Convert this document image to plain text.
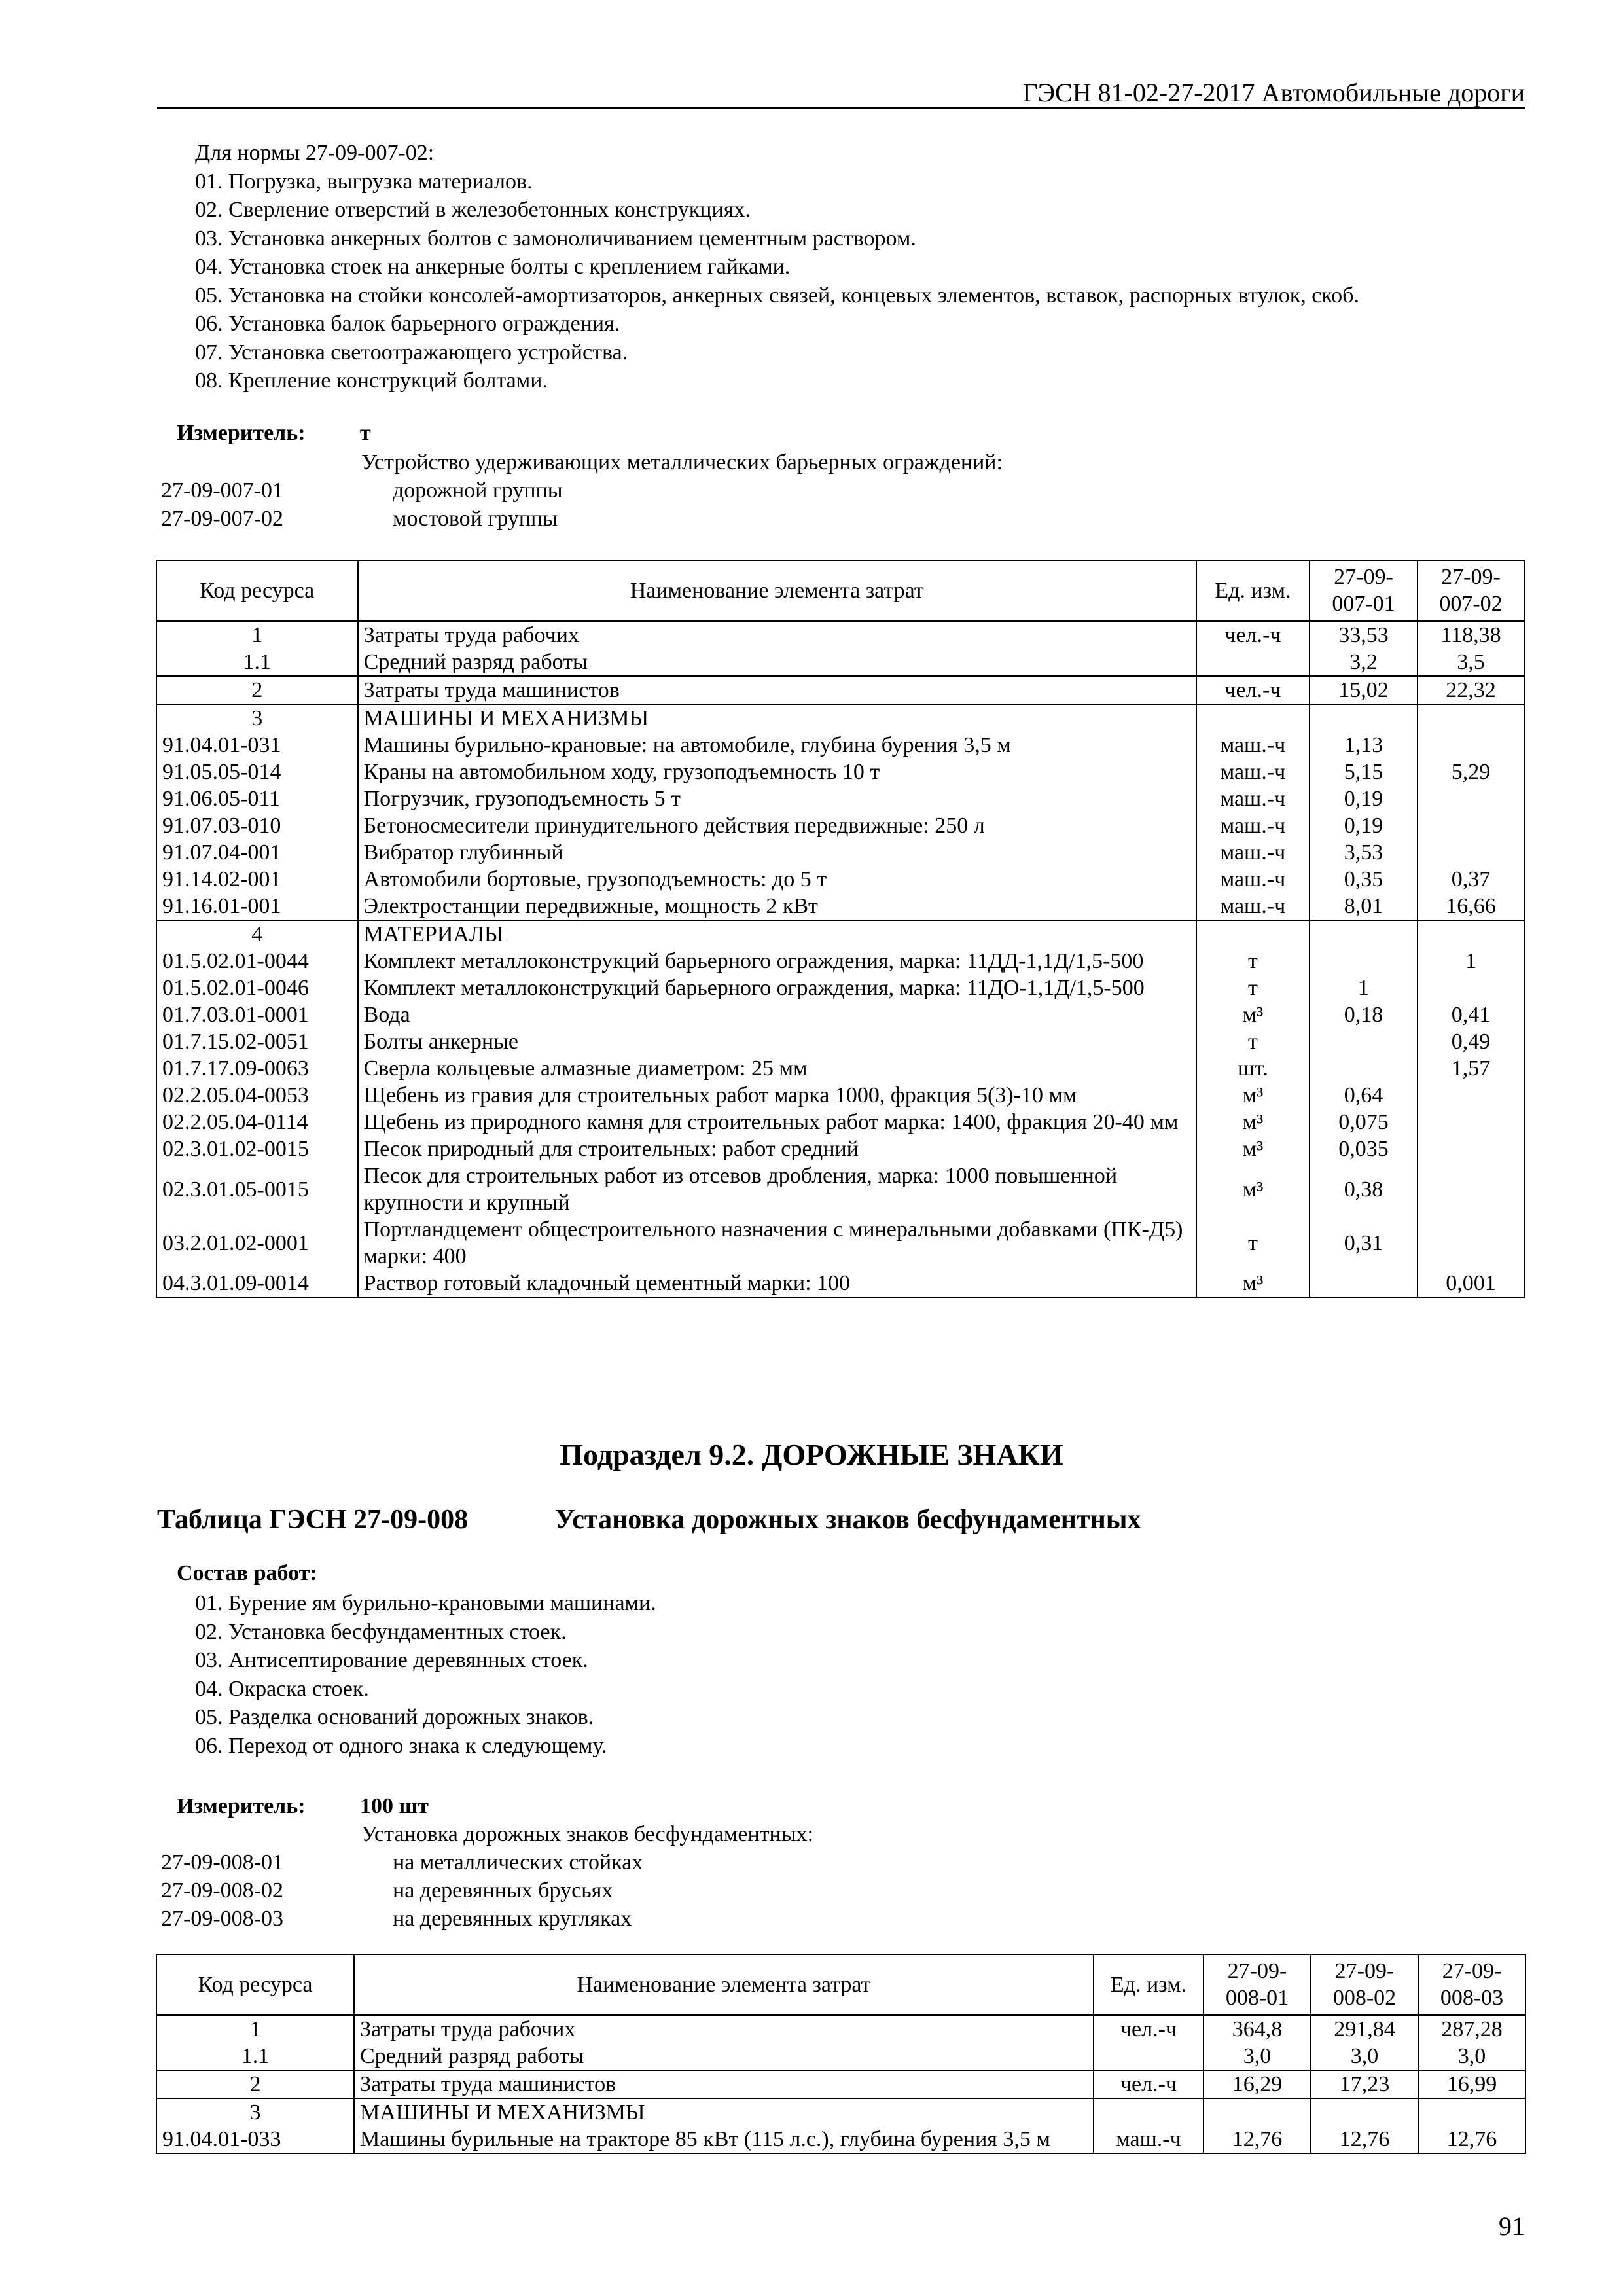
ГЭСН 81-02-27-2017 Автомобильные дороги
Для нормы 27-09-007-02:
01. Погрузка, выгрузка материалов.
02. Сверление отверстий в железобетонных конструкциях.
03. Установка анкерных болтов с замоноличиванием цементным раствором.
04. Установка стоек на анкерные болты с креплением гайками.
05. Установка на стойки консолей-амортизаторов, анкерных связей, концевых элементов, вставок, распорных втулок, скоб.
06. Установка балок барьерного ограждения.
07. Установка светоотражающего устройства.
08. Крепление конструкций болтами.
Измеритель: т
Устройство удерживающих металлических барьерных ограждений:
27-09-007-01	дорожной группы
27-09-007-02	мостовой группы
Код ресурса	Наименование элемента затрат	Ед. изм.	27-09-007-01	27-09-007-02
1	Затраты труда рабочих	чел.-ч	33,53	118,38
1.1	Средний разряд работы		3,2	3,5
2	Затраты труда машинистов	чел.-ч	15,02	22,32
3	МАШИНЫ И МЕХАНИЗМЫ			
91.04.01-031	Машины бурильно-крановые: на автомобиле, глубина бурения 3,5 м	маш.-ч	1,13	
91.05.05-014	Краны на автомобильном ходу, грузоподъемность 10 т	маш.-ч	5,15	5,29
91.06.05-011	Погрузчик, грузоподъемность 5 т	маш.-ч	0,19	
91.07.03-010	Бетоносмесители принудительного действия передвижные: 250 л	маш.-ч	0,19	
91.07.04-001	Вибратор глубинный	маш.-ч	3,53	
91.14.02-001	Автомобили бортовые, грузоподъемность: до 5 т	маш.-ч	0,35	0,37
91.16.01-001	Электростанции передвижные, мощность 2 кВт	маш.-ч	8,01	16,66
4	МАТЕРИАЛЫ			
01.5.02.01-0044	Комплект металлоконструкций барьерного ограждения, марка: 11ДД-1,1Д/1,5-500	т		1
01.5.02.01-0046	Комплект металлоконструкций барьерного ограждения, марка: 11ДО-1,1Д/1,5-500	т	1	
01.7.03.01-0001	Вода	м³	0,18	0,41
01.7.15.02-0051	Болты анкерные	т		0,49
01.7.17.09-0063	Сверла кольцевые алмазные диаметром: 25 мм	шт.		1,57
02.2.05.04-0053	Щебень из гравия для строительных работ марка 1000, фракция 5(3)-10 мм	м³	0,64	
02.2.05.04-0114	Щебень из природного камня для строительных работ марка: 1400, фракция 20-40 мм	м³	0,075	
02.3.01.02-0015	Песок природный для строительных: работ средний	м³	0,035	
02.3.01.05-0015	Песок для строительных работ из отсевов дробления, марка: 1000 повышенной крупности и крупный	м³	0,38	
03.2.01.02-0001	Портландцемент общестроительного назначения с минеральными добавками (ПК-Д5) марки: 400	т	0,31	
04.3.01.09-0014	Раствор готовый кладочный цементный марки: 100	м³		0,001
Подраздел 9.2. ДОРОЖНЫЕ ЗНАКИ
Таблица ГЭСН 27-09-008	Установка дорожных знаков бесфундаментных
Состав работ:
01. Бурение ям бурильно-крановыми машинами.
02. Установка бесфундаментных стоек.
03. Антисептирование деревянных стоек.
04. Окраска стоек.
05. Разделка оснований дорожных знаков.
06. Переход от одного знака к следующему.
Измеритель: 100 шт
Установка дорожных знаков бесфундаментных:
27-09-008-01	на металлических стойках
27-09-008-02	на деревянных брусьях
27-09-008-03	на деревянных кругляках
Код ресурса	Наименование элемента затрат	Ед. изм.	27-09-008-01	27-09-008-02	27-09-008-03
1	Затраты труда рабочих	чел.-ч	364,8	291,84	287,28
1.1	Средний разряд работы		3,0	3,0	3,0
2	Затраты труда машинистов	чел.-ч	16,29	17,23	16,99
3	МАШИНЫ И МЕХАНИЗМЫ				
91.04.01-033	Машины бурильные на тракторе 85 кВт (115 л.с.), глубина бурения 3,5 м	маш.-ч	12,76	12,76	12,76
91
